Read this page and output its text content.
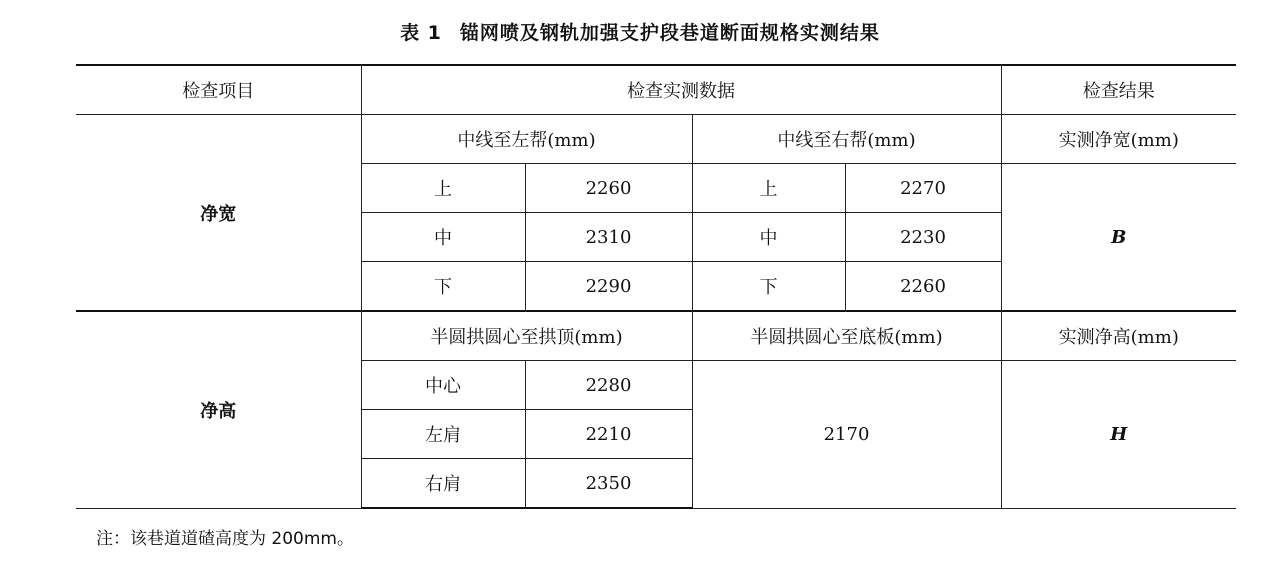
表 1 锚网喷及钢轨加强支护段巷道断面规格实测结果
检查项目	检查实测数据				检查结果
净宽	中线至左帮(mm)		中线至右帮(mm)		实测净宽(mm)
	上	2260	上	2270	B
	中	2310	中	2230	
	下	2290	下	2260	
净高	半圆拱圆心至拱顶(mm)		半圆拱圆心至底板(mm)		实测净高(mm)
	中心	2280	2170		H
	左肩	2210			
	右肩	2350			
注：该巷道道碴高度为 200mm。
